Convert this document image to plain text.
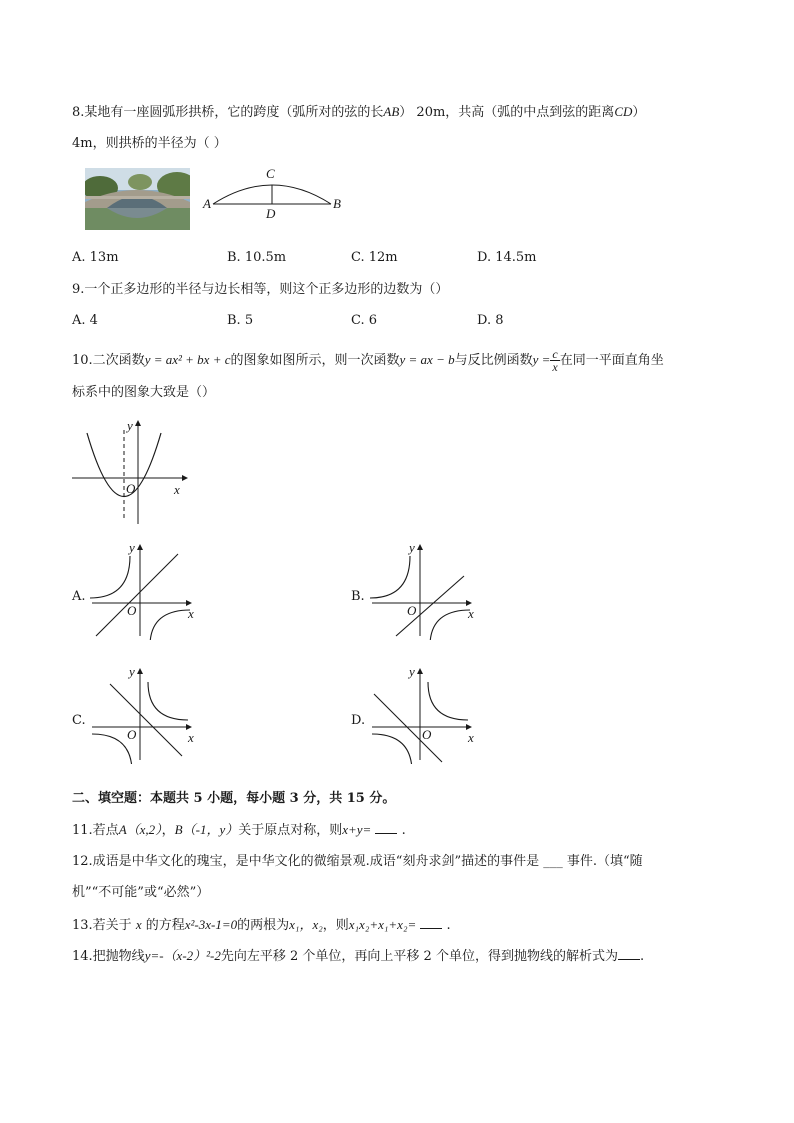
8.某地有一座圆弧形拱桥，它的跨度（弧所对的弦的长AB） 20m，共高（弧的中点到弦的距离CD）
4m，则拱桥的半径为（ ）
A	B
C
D
A. 13m	B. 10.5m	C. 12m	D. 14.5m
9.一个正多边形的半径与边长相等，则这个正多边形的边数为（）
A. 4	B. 5	C. 6	D. 8
10.二次函数y = ax² + bx + c的图象如图所示，则一次函数y = ax − b与反比例函数$y = \frac{c}{x}$ 在同一平面直角坐
标系中的图象大致是（）
y
x
O
A.
y
x
O
B.
y
x
O
C.
y
x
O
D.
y
x
O
二、填空题：本题共 5 小题，每小题 3 分，共 15 分。
11.若点A（x,2），B（-1，y）关于原点对称，则x+y= .
12.成语是中华文化的瑰宝，是中华文化的微缩景观.成语“刻舟求剑”描述的事件是 ___ 事件.（填“随
机”“不可能”或“必然”）
13.若关于 x 的方程x²-3x-1=0的两根为x₁，x₂，则x₁x₂+x₁+x₂= .
14.把抛物线y=-（x-2）²-2先向左平移 2 个单位，再向上平移 2 个单位，得到抛物线的解析式为 .
